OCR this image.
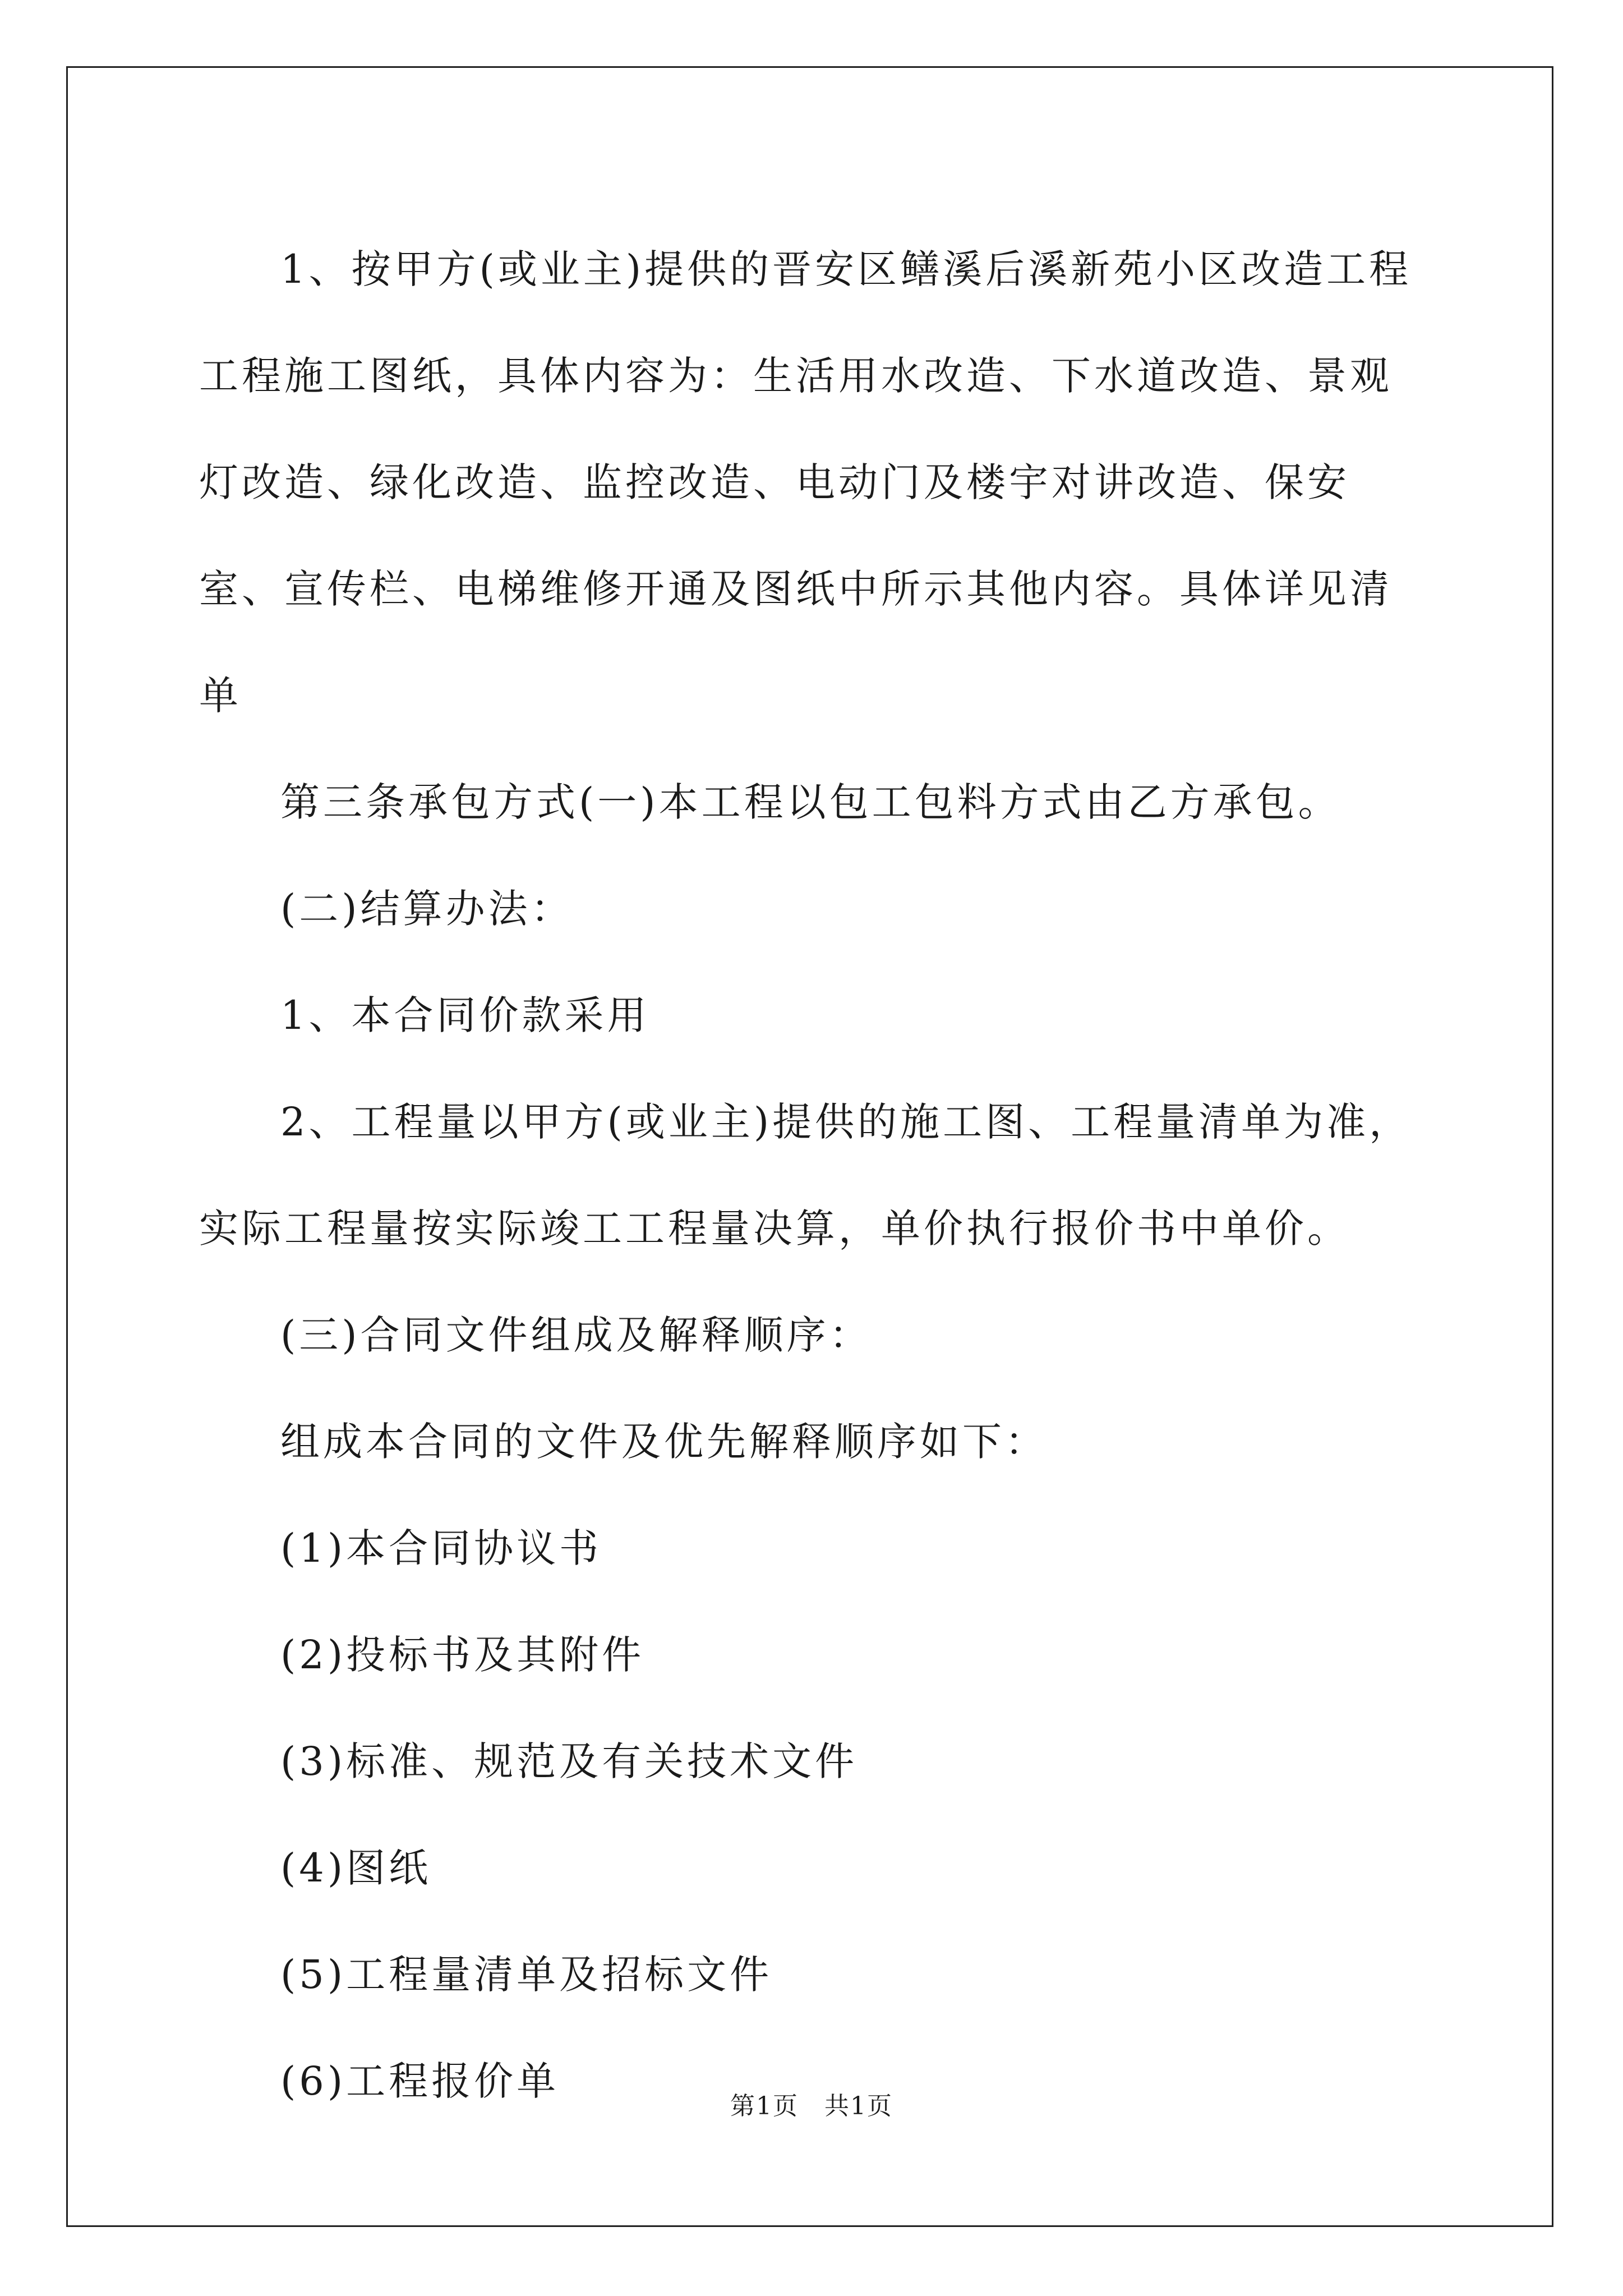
1、按甲方(或业主)提供的晋安区鳝溪后溪新苑小区改造工程工程施工图纸，具体内容为：生活用水改造、下水道改造、景观灯改造、绿化改造、监控改造、电动门及楼宇对讲改造、保安室、宣传栏、电梯维修开通及图纸中所示其他内容。具体详见清单

第三条承包方式(一)本工程以包工包料方式由乙方承包。

(二)结算办法：

1、本合同价款采用

2、工程量以甲方(或业主)提供的施工图、工程量清单为准，实际工程量按实际竣工工程量决算，单价执行报价书中单价。

(三)合同文件组成及解释顺序：

组成本合同的文件及优先解释顺序如下：

(1)本合同协议书

(2)投标书及其附件

(3)标准、规范及有关技术文件

(4)图纸

(5)工程量清单及招标文件

(6)工程报价单

第1页　共1页
